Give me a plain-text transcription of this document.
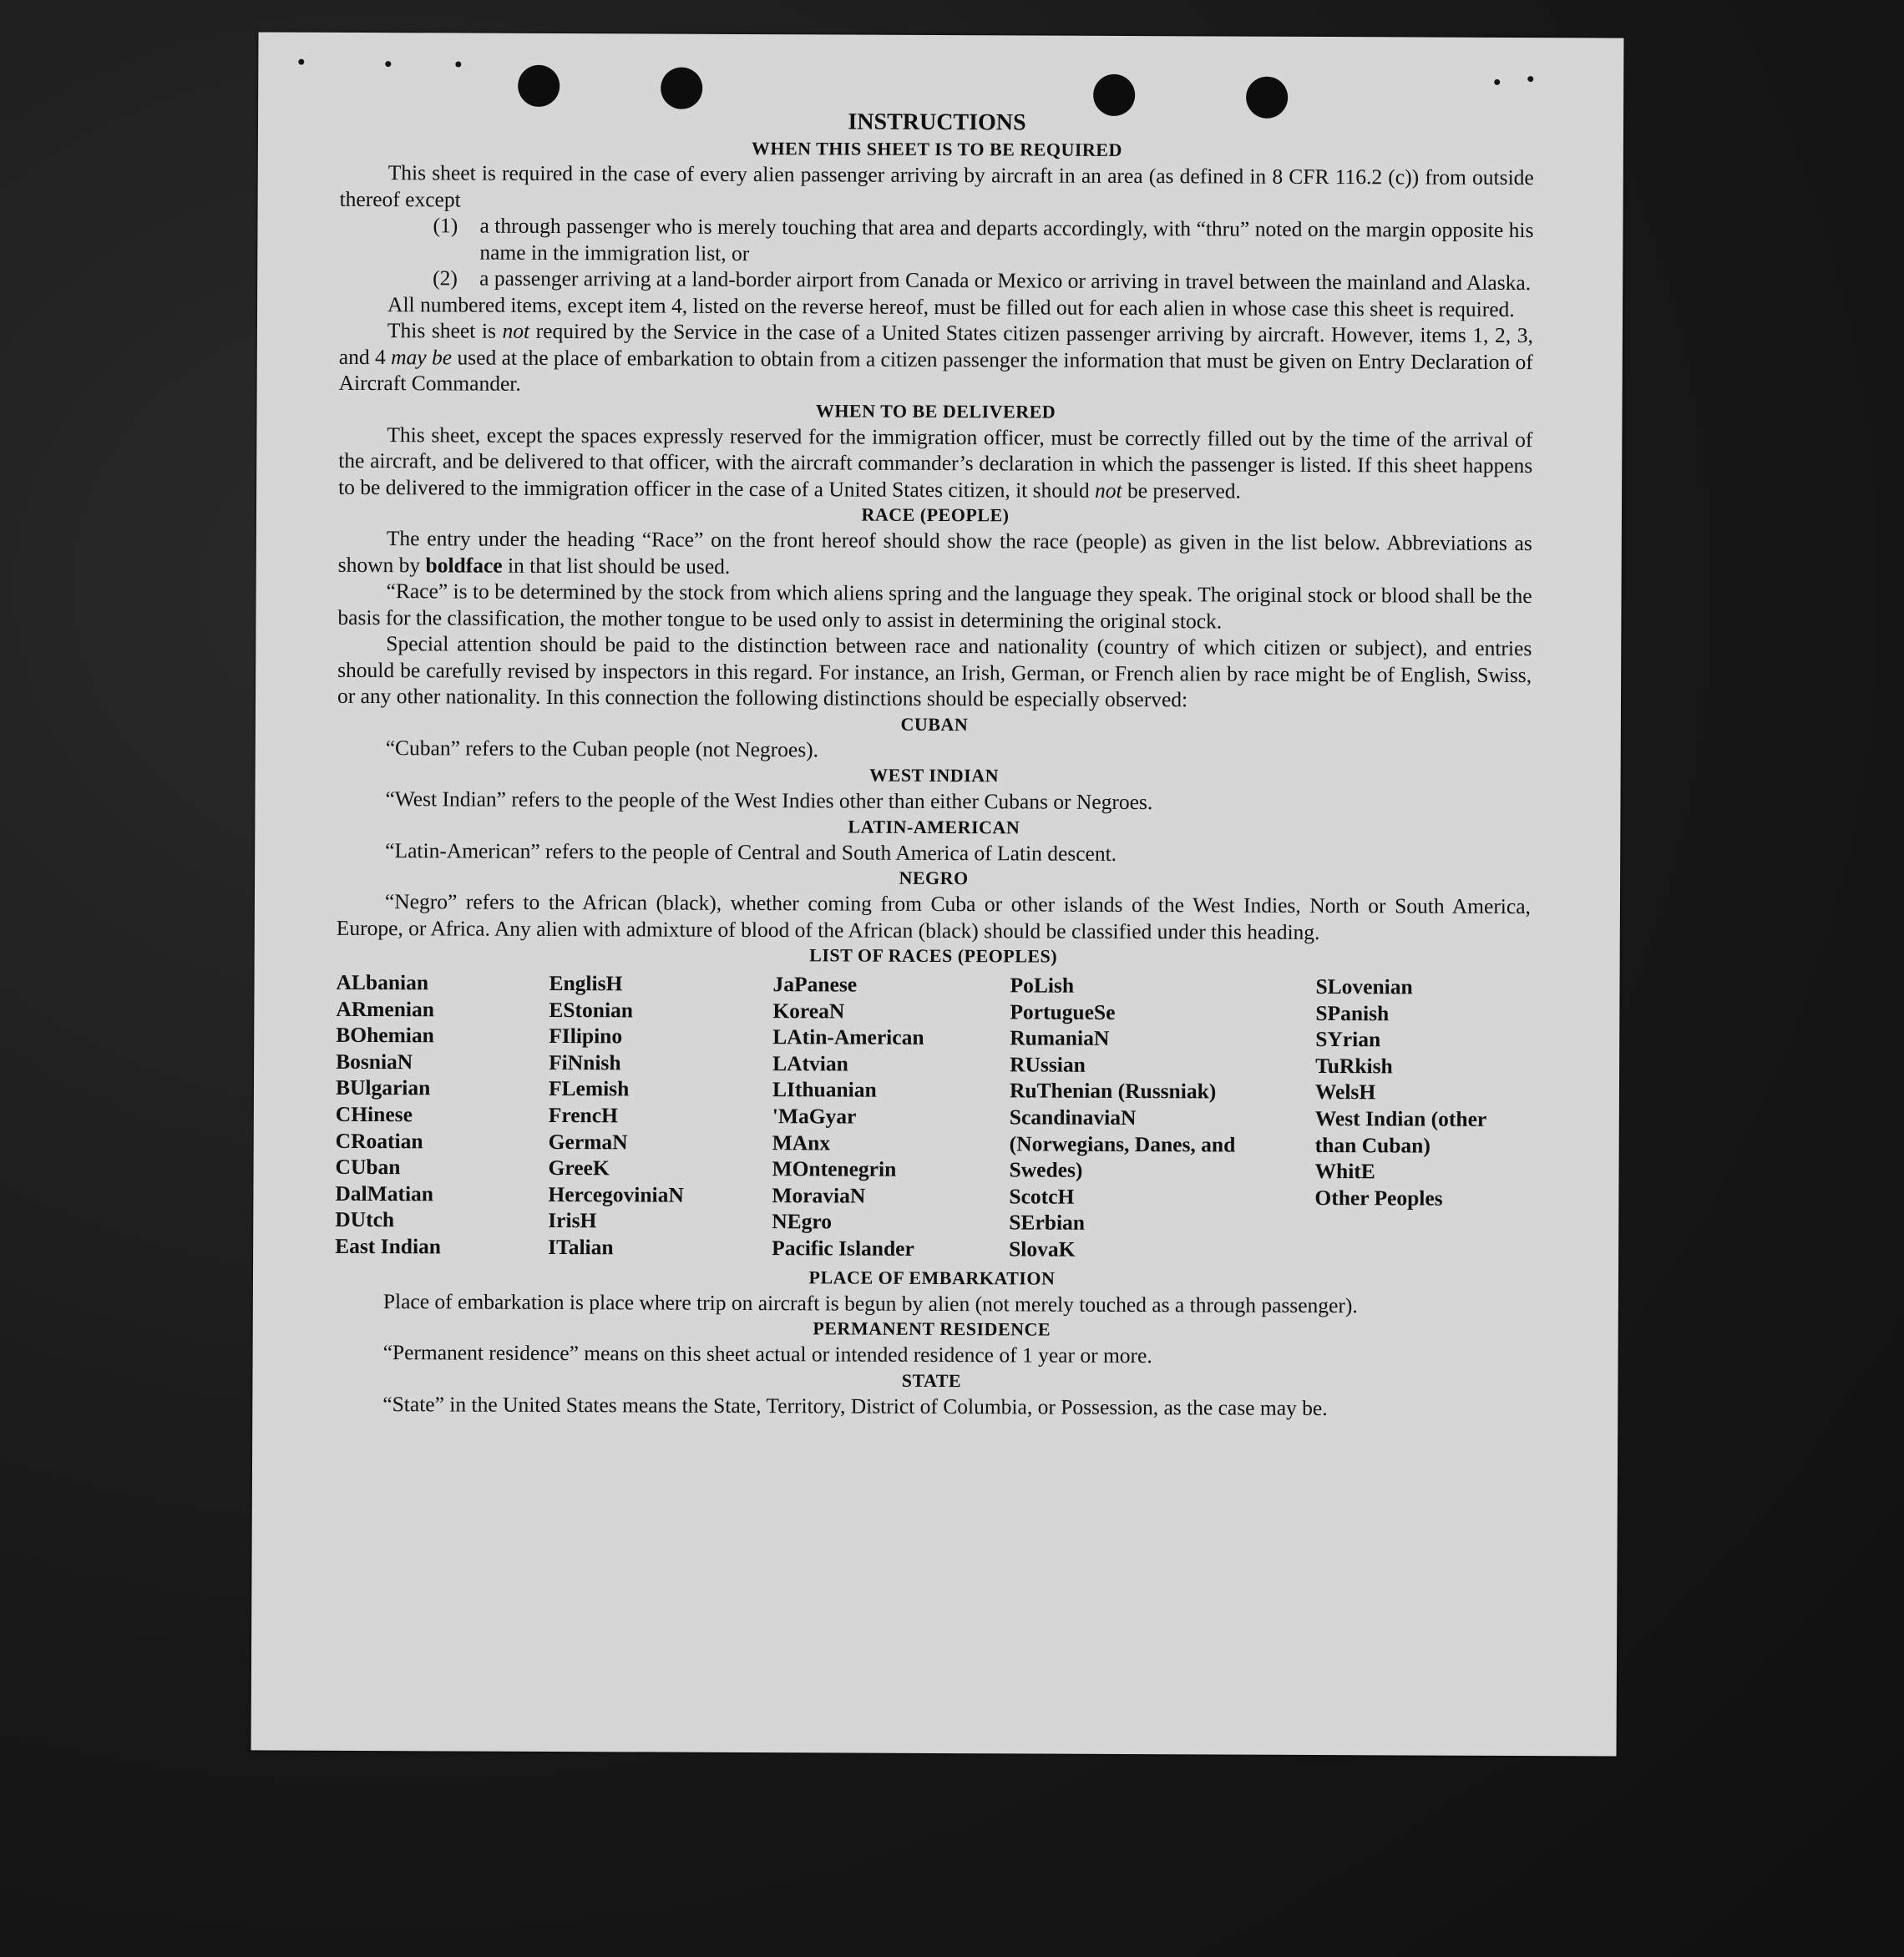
INSTRUCTIONS
WHEN THIS SHEET IS TO BE REQUIRED

This sheet is required in the case of every alien passenger arriving by aircraft in an area (as defined in 8 CFR 116.2 (c)) from outside thereof except

(1)	a through passenger who is merely touching that area and departs accordingly, with “thru” noted on the margin opposite his name in the immigration list, or
(2)	a passenger arriving at a land-border airport from Canada or Mexico or arriving in travel between the mainland and Alaska.

All numbered items, except item 4, listed on the reverse hereof, must be filled out for each alien in whose case this sheet is required.

This sheet is not required by the Service in the case of a United States citizen passenger arriving by aircraft. However, items 1, 2, 3, and 4 may be used at the place of embarkation to obtain from a citizen passenger the information that must be given on Entry Declaration of Aircraft Commander.

WHEN TO BE DELIVERED

This sheet, except the spaces expressly reserved for the immigration officer, must be correctly filled out by the time of the arrival of the aircraft, and be delivered to that officer, with the aircraft commander’s declaration in which the passenger is listed. If this sheet happens to be delivered to the immigration officer in the case of a United States citizen, it should not be preserved.

RACE (PEOPLE)

The entry under the heading “Race” on the front hereof should show the race (people) as given in the list below. Abbreviations as shown by boldface in that list should be used.

“Race” is to be determined by the stock from which aliens spring and the language they speak. The original stock or blood shall be the basis for the classification, the mother tongue to be used only to assist in determining the original stock.

Special attention should be paid to the distinction between race and nationality (country of which citizen or subject), and entries should be carefully revised by inspectors in this regard. For instance, an Irish, German, or French alien by race might be of English, Swiss, or any other nationality. In this connection the following distinctions should be especially observed:

CUBAN

“Cuban” refers to the Cuban people (not Negroes).

WEST INDIAN

“West Indian” refers to the people of the West Indies other than either Cubans or Negroes.

LATIN-AMERICAN

“Latin-American” refers to the people of Central and South America of Latin descent.

NEGRO

“Negro” refers to the African (black), whether coming from Cuba or other islands of the West Indies, North or South America, Europe, or Africa. Any alien with admixture of blood of the African (black) should be classified under this heading.

LIST OF RACES (PEOPLES)
ALbanian
ARmenian
BOhemian
BosniaN
BUlgarian
CHinese
CRoatian
CUban
DalMatian
DUtch
East Indian
EnglisH
EStonian
FIlipino
FiNnish
FLemish
FrencH
GermaN
GreeK
HercegoviniaN
IrisH
ITalian
JaPanese
KoreaN
LAtin-American
LAtvian
LIthuanian
'MaGyar
MAnx
MOntenegrin
MoraviaN
NEgro
Pacific Islander
PoLish
PortugueSe
RumaniaN
RUssian
RuThenian (Russniak)
ScandinaviaN (Norwegians, Danes, and Swedes)
ScotcH
SErbian
SlovaK
SLovenian
SPanish
SYrian
TuRkish
WelsH
West Indian (other than Cuban)
WhitE
Other Peoples
PLACE OF EMBARKATION

Place of embarkation is place where trip on aircraft is begun by alien (not merely touched as a through passenger).

PERMANENT RESIDENCE

“Permanent residence” means on this sheet actual or intended residence of 1 year or more.

STATE

“State” in the United States means the State, Territory, District of Columbia, or Possession, as the case may be.
